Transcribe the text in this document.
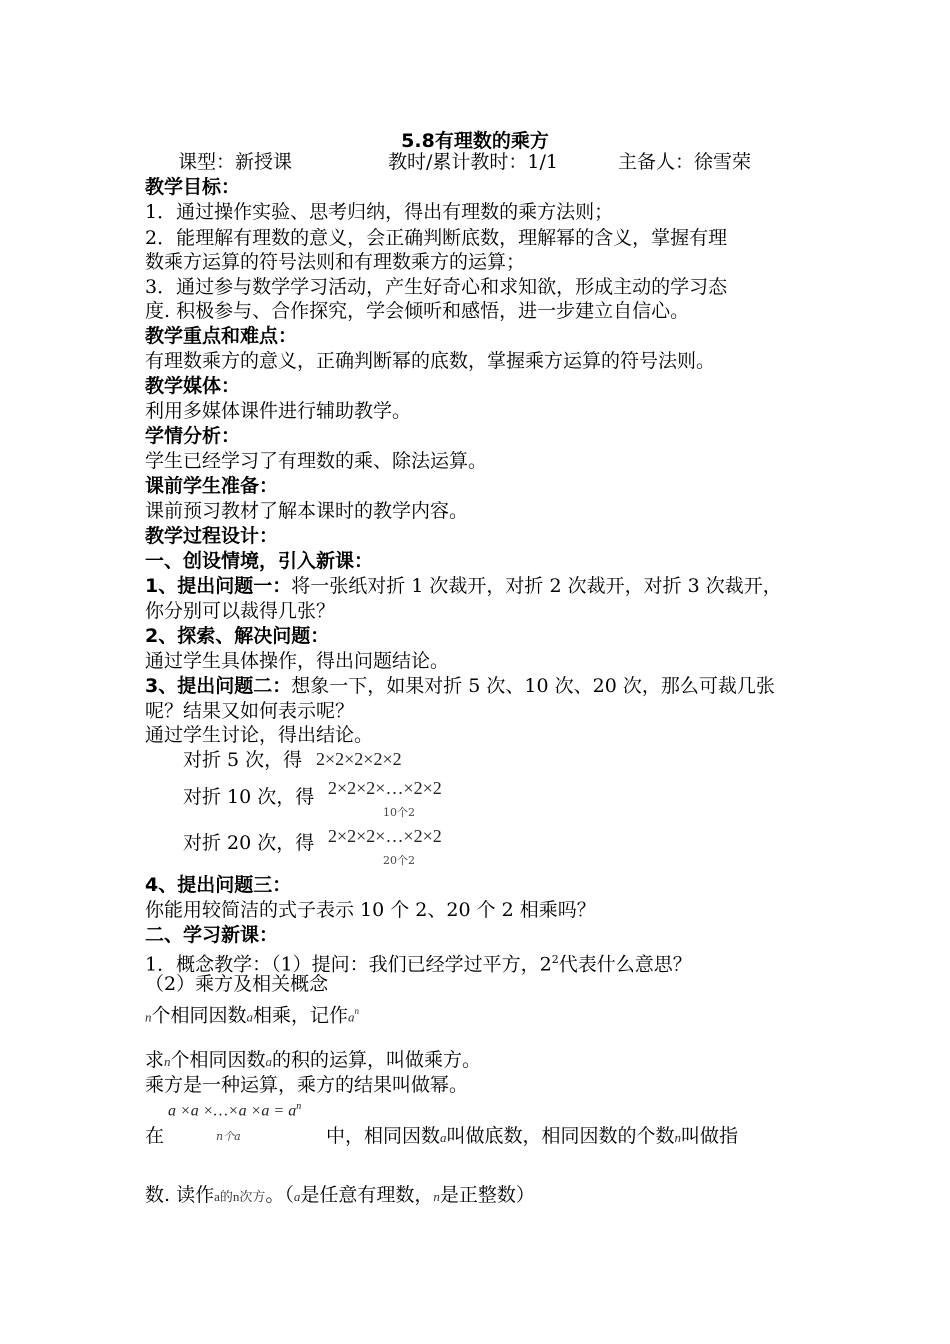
5.8有理数的乘方
课型：新授课	教时/累计教时：1/1	主备人：徐雪荣
教学目标：
1．通过操作实验、思考归纳，得出有理数的乘方法则；
2．能理解有理数的意义，会正确判断底数，理解幂的含义，掌握有理
数乘方运算的符号法则和有理数乘方的运算；
3．通过参与数学学习活动，产生好奇心和求知欲，形成主动的学习态
度. 积极参与、合作探究，学会倾听和感悟，进一步建立自信心。
教学重点和难点：
有理数乘方的意义，正确判断幂的底数，掌握乘方运算的符号法则。
教学媒体：
利用多媒体课件进行辅助教学。
学情分析：
学生已经学习了有理数的乘、除法运算。
课前学生准备：
课前预习教材了解本课时的教学内容。
教学过程设计：
一、创设情境，引入新课：
1、提出问题一：将一张纸对折 1 次裁开，对折 2 次裁开，对折 3 次裁开，
你分别可以裁得几张？
2、探索、解决问题：
通过学生具体操作，得出问题结论。
3、提出问题二：想象一下，如果对折 5 次、10 次、20 次，那么可裁几张
呢？结果又如何表示呢？
通过学生讨论，得出结论。
对折 5 次，得 2×2×2×2×2
对折 10 次，得 2×2×2×…×2×2
10个2
对折 20 次，得 2×2×2×…×2×2
20个2
4、提出问题三：
你能用较简洁的式子表示 10 个 2、20 个 2 相乘吗？
二、学习新课：
1．概念教学：（1）提问：我们已经学过平方，$2^2$代表什么意思？
（2）乘方及相关概念
n个相同因数a相乘，记作$a^n$
求n个相同因数a的积的运算，叫做乘方。
乘方是一种运算，乘方的结果叫做幂。
a ×a ×…×a $\times a = a^n$
n个a
在	中，相同因数a叫做底数，相同因数的个数n叫做指
数. 读作a的n次方。（a是任意有理数，n是正整数）
